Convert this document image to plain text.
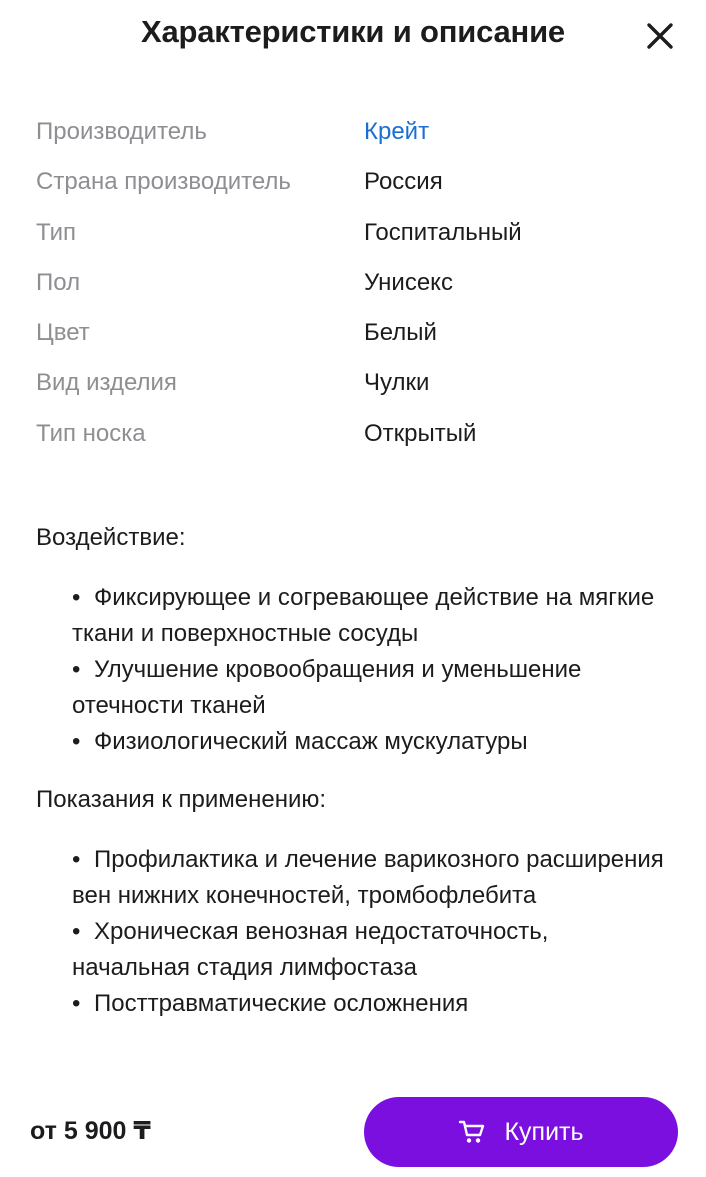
Характеристики и описание
Производитель	Крейт
Страна производитель	Россия
Тип	Госпитальный
Пол	Унисекс
Цвет	Белый
Вид изделия	Чулки
Тип носка	Открытый

Воздействие:

• Фиксирующее и согревающее действие на мягкие ткани и поверхностные сосуды
• Улучшение кровообращения и уменьшение отечности тканей
• Физиологический массаж мускулатуры

Показания к применению:

• Профилактика и лечение варикозного расширения вен нижних конечностей, тромбофлебита
• Хроническая венозная недостаточность, начальная стадия лимфостаза
• Посттравматические осложнения
от 5 900 ₸	Купить
